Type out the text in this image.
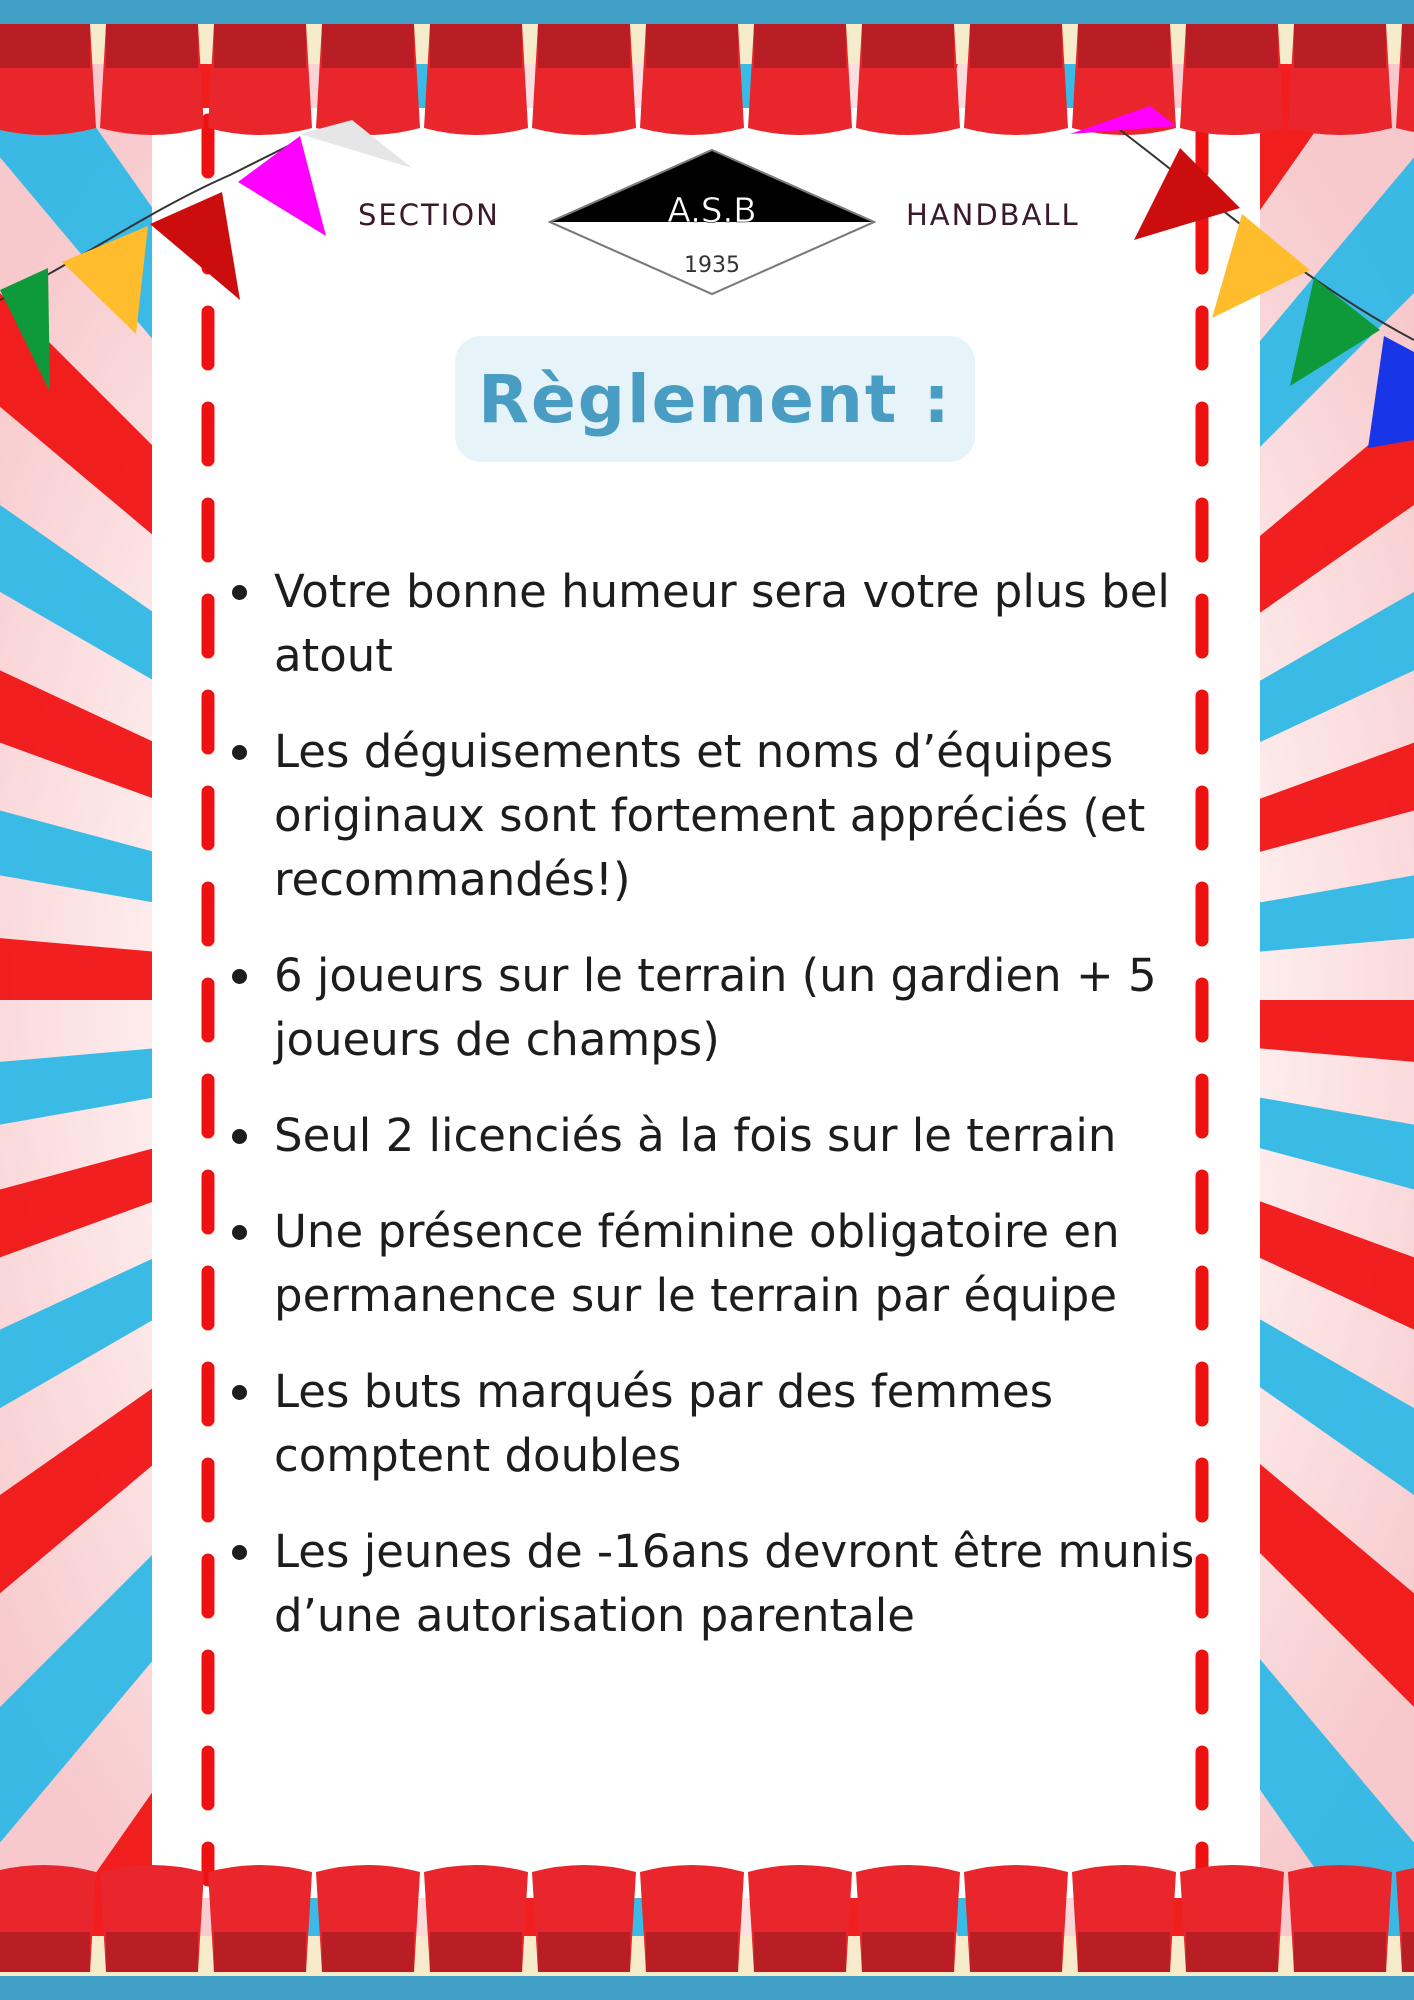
SECTION	A.S.B
1935
HANDBALL
Règlement :
Votre bonne humeur sera votre plus bel atout
Les déguisements et noms d’équipes originaux sont fortement appréciés (et recommandés!)
6 joueurs sur le terrain (un gardien + 5 joueurs de champs)
Seul 2 licenciés à la fois sur le terrain
Une présence féminine obligatoire en permanence sur le terrain par équipe
Les buts marqués par des femmes comptent doubles
Les jeunes de -16ans devront être munis d’une autorisation parentale
